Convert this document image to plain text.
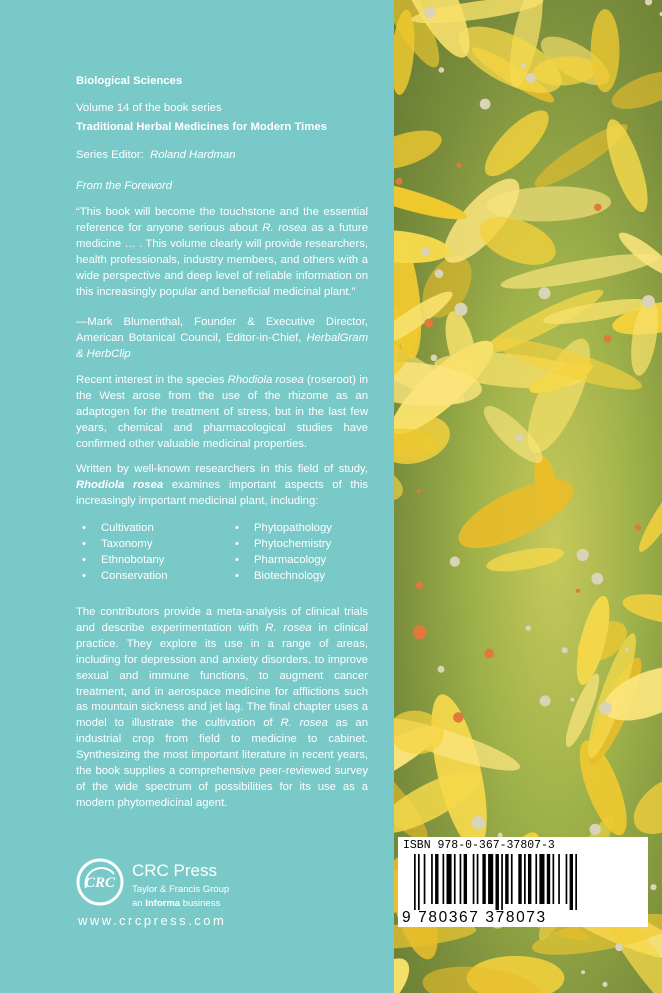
Biological Sciences

Volume 14 of the book series

Traditional Herbal Medicines for Modern Times

Series Editor: Roland Hardman

From the Foreword

“This book will become the touchstone and the essential reference for anyone serious about R. rosea as a future medicine … . This volume clearly will provide researchers, health professionals, industry members, and others with a wide perspective and deep level of reliable information on this increasingly popular and beneficial medicinal plant.”

—Mark Blumenthal, Founder & Executive Director, American Botanical Council, Editor-in-Chief, HerbalGram & HerbClip

Recent interest in the species Rhodiola rosea (roseroot) in the West arose from the use of the rhizome as an adaptogen for the treatment of stress, but in the last few years, chemical and pharmacological studies have confirmed other valuable medicinal properties.

Written by well-known researchers in this field of study, Rhodiola rosea examines important aspects of this increasingly important medicinal plant, including:

• Cultivation
• Taxonomy
• Ethnobotany
• Conservation
• Phytopathology
• Phytochemistry
• Pharmacology
• Biotechnology

The contributors provide a meta-analysis of clinical trials and describe experimentation with R. rosea in clinical practice. They explore its use in a range of areas, including for depression and anxiety disorders, to improve sexual and immune functions, to augment cancer treatment, and in aerospace medicine for afflictions such as mountain sickness and jet lag. The final chapter uses a model to illustrate the cultivation of R. rosea as an industrial crop from field to medicine to cabinet. Synthesizing the most important literature in recent years, the book supplies a comprehensive peer-reviewed survey of the wide spectrum of possibilities for its use as a modern phytomedicinal agent.

CRC
CRC Press
Taylor & Francis Group
an Informa business
www.crcpress.com
ISBN 978-0-367-37807-3
9 780367 378073
